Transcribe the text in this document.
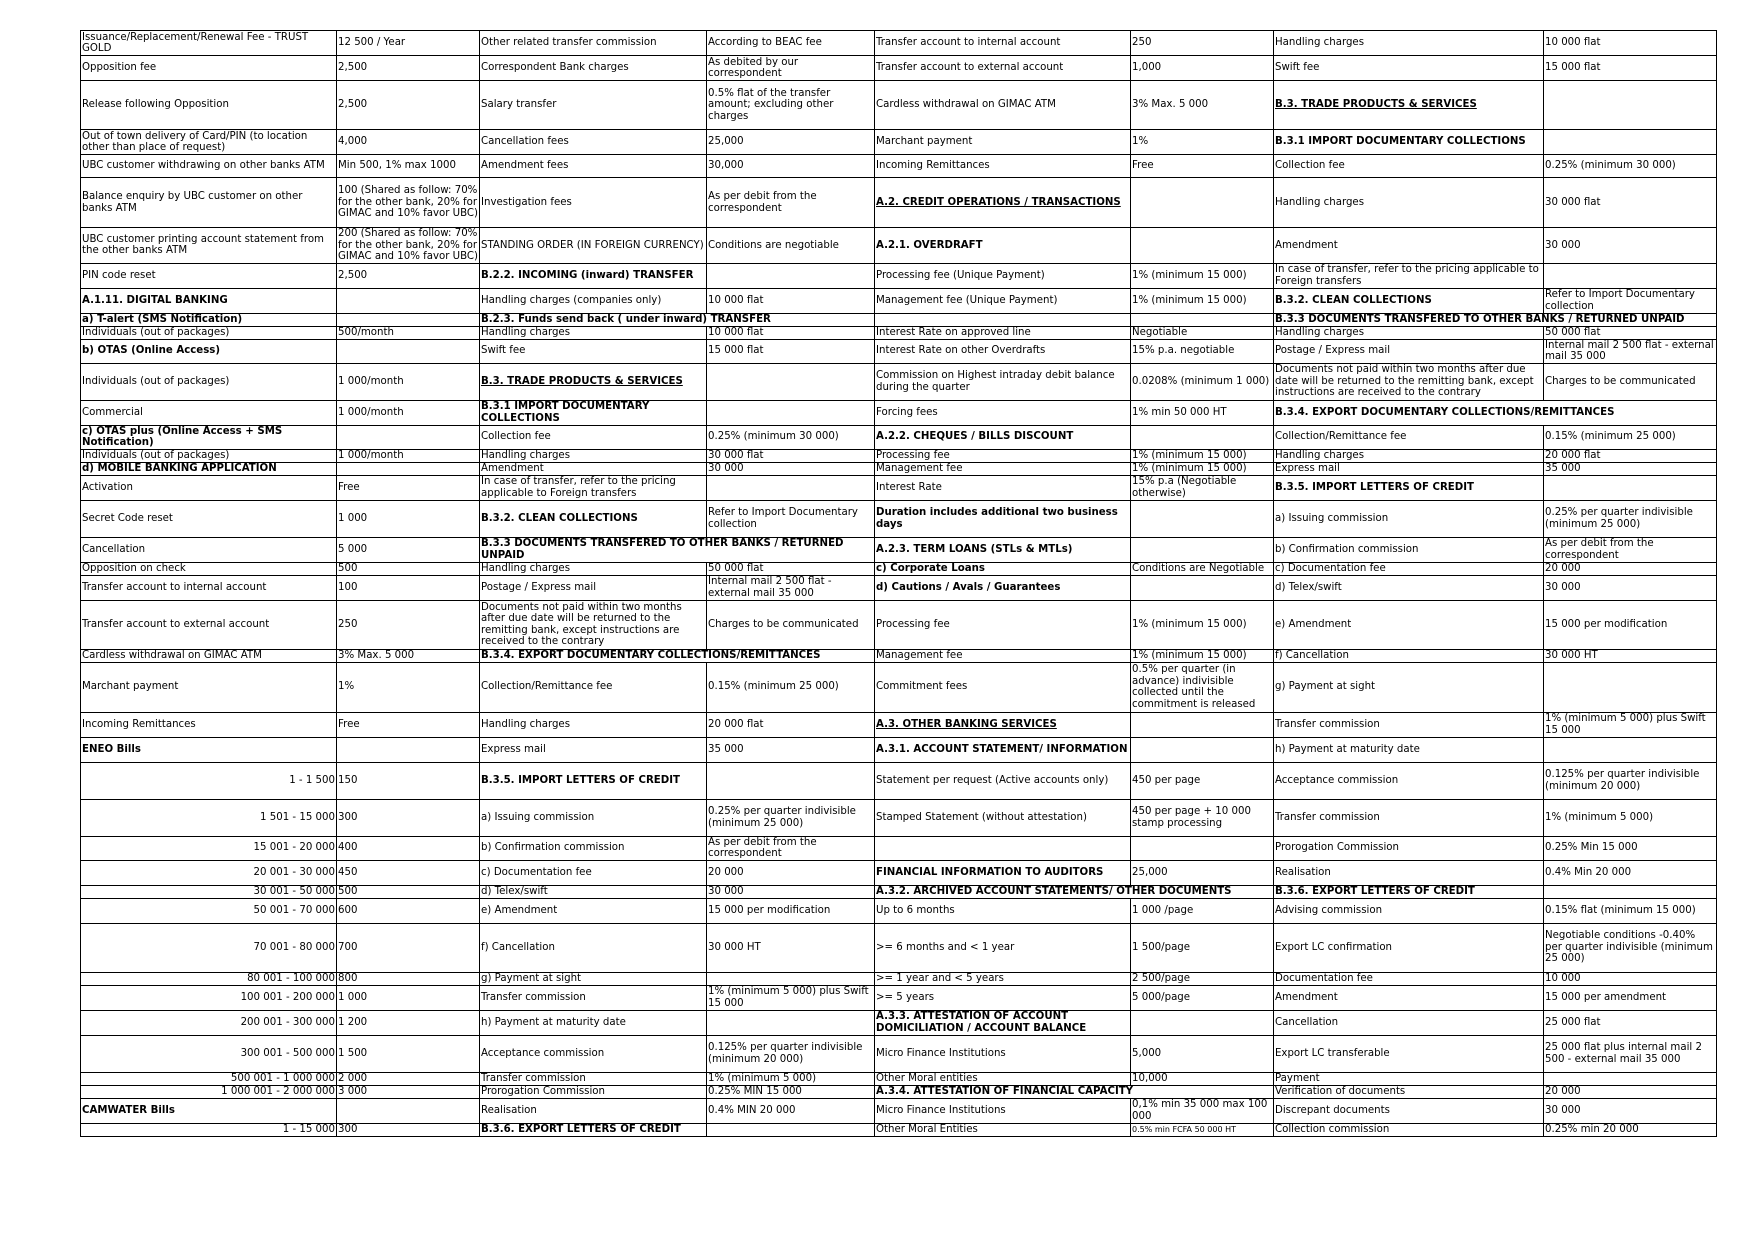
Issuance/Replacement/Renewal Fee - TRUST GOLD	12 500 / Year	Other related transfer commission	According to BEAC fee	Transfer account to internal account	250	Handling charges	10 000 flat
Opposition fee	2,500	Correspondent Bank charges	As debited by our correspondent	Transfer account to external account	1,000	Swift fee	15 000 flat
Release following Opposition	2,500	Salary transfer	0.5% flat of the transfer amount; excluding other charges	Cardless withdrawal on GIMAC ATM	3% Max. 5 000	B.3. TRADE PRODUCTS & SERVICES	
Out of town delivery of Card/PIN (to location other than place of request)	4,000	Cancellation fees	25,000	Marchant payment	1%	B.3.1 IMPORT DOCUMENTARY COLLECTIONS	
UBC customer withdrawing on other banks ATM	Min 500, 1% max 1000	Amendment fees	30,000	Incoming Remittances	Free	Collection fee	0.25% (minimum 30 000)
Balance enquiry by UBC customer on other banks ATM	100 (Shared as follow: 70% for the other bank, 20% for GIMAC and 10% favor UBC)	Investigation fees	As per debit from the correspondent	A.2. CREDIT OPERATIONS / TRANSACTIONS		Handling charges	30 000 flat
UBC customer printing account statement from the other banks ATM	200 (Shared as follow: 70% for the other bank, 20% for GIMAC and 10% favor UBC)	STANDING ORDER (IN FOREIGN CURRENCY)	Conditions are negotiable	A.2.1. OVERDRAFT		Amendment	30 000
PIN code reset	2,500	B.2.2. INCOMING (inward) TRANSFER		Processing fee (Unique Payment)	1% (minimum 15 000)	In case of transfer, refer to the pricing applicable to Foreign transfers	
A.1.11. DIGITAL BANKING		Handling charges (companies only)	10 000 flat	Management fee (Unique Payment)	1% (minimum 15 000)	B.3.2. CLEAN COLLECTIONS	Refer to Import Documentary collection
a) T-alert (SMS Notification)		B.2.3. Funds send back ( under inward) TRANSFER				B.3.3 DOCUMENTS TRANSFERED TO OTHER BANKS / RETURNED UNPAID	
Individuals (out of packages)	500/month	Handling charges	10 000 flat	Interest Rate on approved line	Negotiable	Handling charges	50 000 flat
b) OTAS (Online Access)		Swift fee	15 000 flat	Interest Rate on other Overdrafts	15% p.a. negotiable	Postage / Express mail	Internal mail 2 500 flat - external mail 35 000
Individuals (out of packages)	1 000/month	B.3. TRADE PRODUCTS & SERVICES		Commission on Highest intraday debit balance during the quarter	0.0208% (minimum 1 000)	Documents not paid within two months after due date will be returned to the remitting bank, except instructions are received to the contrary	Charges to be communicated
Commercial	1 000/month	B.3.1 IMPORT DOCUMENTARY COLLECTIONS		Forcing fees	1% min 50 000 HT	B.3.4. EXPORT DOCUMENTARY COLLECTIONS/REMITTANCES	
c) OTAS plus (Online Access + SMS Notification)		Collection fee	0.25% (minimum 30 000)	A.2.2. CHEQUES / BILLS DISCOUNT		Collection/Remittance fee	0.15% (minimum 25 000)
Individuals (out of packages)	1 000/month	Handling charges	30 000 flat	Processing fee	1% (minimum 15 000)	Handling charges	20 000 flat
d) MOBILE BANKING APPLICATION		Amendment	30 000	Management fee	1% (minimum 15 000)	Express mail	35 000
Activation	Free	In case of transfer, refer to the pricing applicable to Foreign transfers		Interest Rate	15% p.a (Negotiable otherwise)	B.3.5. IMPORT LETTERS OF CREDIT	
Secret Code reset	1 000	B.3.2. CLEAN COLLECTIONS	Refer to Import Documentary collection	Duration includes additional two business days		a) Issuing commission	0.25% per quarter indivisible (minimum 25 000)
Cancellation	5 000	B.3.3 DOCUMENTS TRANSFERED TO OTHER BANKS / RETURNED UNPAID		A.2.3. TERM LOANS (STLs & MTLs)		b) Confirmation commission	As per debit from the correspondent
Opposition on check	500	Handling charges	50 000 flat	c) Corporate Loans	Conditions are Negotiable	c) Documentation fee	20 000
Transfer account to internal account	100	Postage / Express mail	Internal mail 2 500 flat - external mail 35 000	d) Cautions / Avals / Guarantees		d) Telex/swift	30 000
Transfer account to external account	250	Documents not paid within two months after due date will be returned to the remitting bank, except instructions are received to the contrary	Charges to be communicated	Processing fee	1% (minimum 15 000)	e) Amendment	15 000 per modification
Cardless withdrawal on GIMAC ATM	3% Max. 5 000	B.3.4. EXPORT DOCUMENTARY COLLECTIONS/REMITTANCES		Management fee	1% (minimum 15 000)	f) Cancellation	30 000 HT
Marchant payment	1%	Collection/Remittance fee	0.15% (minimum 25 000)	Commitment fees	0.5% per quarter (in advance) indivisible collected until the commitment is released	g) Payment at sight	
Incoming Remittances	Free	Handling charges	20 000 flat	A.3. OTHER BANKING SERVICES		Transfer commission	1% (minimum 5 000) plus Swift 15 000
ENEO Bills		Express mail	35 000	A.3.1. ACCOUNT STATEMENT/ INFORMATION		h) Payment at maturity date	
1 - 1 500	150	B.3.5. IMPORT LETTERS OF CREDIT		Statement per request (Active accounts only)	450 per page	Acceptance commission	0.125% per quarter indivisible (minimum 20 000)
1 501 - 15 000	300	a) Issuing commission	0.25% per quarter indivisible (minimum 25 000)	Stamped Statement (without attestation)	450 per page + 10 000 stamp processing	Transfer commission	1% (minimum 5 000)
15 001 - 20 000	400	b) Confirmation commission	As per debit from the correspondent			Prorogation Commission	0.25% Min 15 000
20 001 - 30 000	450	c) Documentation fee	20 000	FINANCIAL INFORMATION TO AUDITORS	25,000	Realisation	0.4% Min 20 000
30 001 - 50 000	500	d) Telex/swift	30 000	A.3.2. ARCHIVED ACCOUNT STATEMENTS/ OTHER DOCUMENTS		B.3.6. EXPORT LETTERS OF CREDIT	
50 001 - 70 000	600	e) Amendment	15 000 per modification	Up to 6 months	1 000 /page	Advising commission	0.15% flat (minimum 15 000)
70 001 - 80 000	700	f) Cancellation	30 000 HT	>= 6 months and < 1 year	1 500/page	Export LC confirmation	Negotiable conditions -0.40% per quarter indivisible (minimum 25 000)
80 001 - 100 000	800	g) Payment at sight		>= 1 year and < 5 years	2 500/page	Documentation fee	10 000
100 001 - 200 000	1 000	Transfer commission	1% (minimum 5 000) plus Swift 15 000	>= 5 years	5 000/page	Amendment	15 000 per amendment
200 001 - 300 000	1 200	h) Payment at maturity date		A.3.3. ATTESTATION OF ACCOUNT DOMICILIATION / ACCOUNT BALANCE		Cancellation	25 000 flat
300 001 - 500 000	1 500	Acceptance commission	0.125% per quarter indivisible (minimum 20 000)	Micro Finance Institutions	5,000	Export LC transferable	25 000 flat plus internal mail 2 500 - external mail 35 000
500 001 - 1 000 000	2 000	Transfer commission	1% (minimum 5 000)	Other Moral entities	10,000	Payment	
1 000 001 - 2 000 000	3 000	Prorogation Commission	0.25% MIN 15 000	A.3.4. ATTESTATION OF FINANCIAL CAPACITY		Verification of documents	20 000
CAMWATER Bills		Realisation	0.4% MIN 20 000	Micro Finance Institutions	0,1% min 35 000 max 100 000	Discrepant documents	30 000
1 - 15 000	300	B.3.6. EXPORT LETTERS OF CREDIT		Other Moral Entities	0.5% min FCFA 50 000 HT	Collection commission	0.25% min 20 000
